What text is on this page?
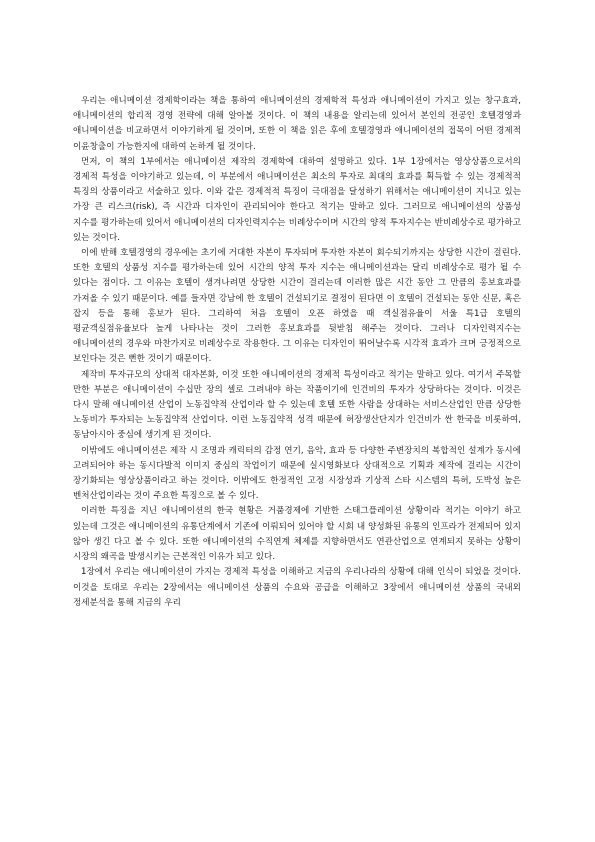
우리는 애니메이션 경제학이라는 책을 통하여 애니메이션의 경제학적 특성과 애니메이션이 가지고 있는 창구효과, 애니메이션의 합리적 경영 전략에 대해 알아볼 것이다. 이 책의 내용을 알리는데 있어서 본인의 전공인 호텔경영과 애니메이션을 비교하면서 이야기하게 될 것이며, 또한 이 책을 읽은 후에 호텔경영과 애니메이션의 접목이 어떤 경제적 이윤창출이 가능한지에 대하여 논하게 될 것이다.

먼저, 이 책의 1부에서는 애니메이션 제작의 경제학에 대하여 설명하고 있다. 1부 1장에서는 영상상품으로서의 경제적 특성을 이야기하고 있는데, 이 부분에서 애니메이션은 최소의 투자로 최대의 효과를 획득할 수 있는 경제적적 특징의 상품이라고 서술하고 있다. 이와 같은 경제적적 특징이 극대점을 달성하기 위해서는 애니메이션이 지니고 있는 가장 큰 리스크(risk), 즉 시간과 디자인이 관리되어야 한다고 적기는 말하고 있다. 그러므로 애니메이션의 상품성 지수를 평가하는데 있어서 애니메이션의 디자인력지수는 비례상수이며 시간의 양적 투자지수는 반비례상수로 평가하고 있는 것이다.

이에 반해 호텔경영의 경우에는 초기에 거대한 자본이 투자되며 투자한 자본이 회수되기까지는 상당한 시간이 걸린다. 또한 호텔의 상품성 지수를 평가하는데 있어 시간의 양적 투자 지수는 애니메이션과는 달리 비례상수로 평가 될 수 있다는 점이다. 그 이유는 호텔이 생겨나려면 상당한 시간이 걸리는데 이러한 많은 시간 동안 그 만큼의 홍보효과를 가져올 수 있기 때문이다. 예를 들자면 강남에 한 호텔이 건설되기로 결정이 된다면 이 호텔이 건설되는 동안 신문, 혹은 잡지 등을 통해 홍보가 된다. 그리하여 처음 호텔이 오픈 하였을 때 객실점유율이 서울 특1급 호텔의 평균객실점유율보다 높게 나타나는 것이 그러한 홍보효과를 뒷받침 해주는 것이다. 그러나 디자인력지수는 애니메이션의 경우와 마찬가지로 비례상수로 작용한다. 그 이유는 디자인이 뛰어날수록 시각적 효과가 크며 긍정적으로 보인다는 것은 뻔한 것이기 때문이다.

제작비 투자규모의 상대적 대자본화, 이것 또한 애니메이션의 경제적 특성이라고 적기는 말하고 있다. 여기서 주목할 만한 부분은 애니메이션이 수십만 장의 셀로 그려내야 하는 작품이기에 인건비의 투자가 상당하다는 것이다. 이것은 다시 말해 애니메이션 산업이 노동집약적 산업이라 할 수 있는데 호텔 또한 사람을 상대하는 서비스산업인 만큼 상당한 노동비가 투자되는 노동집약적 산업이다. 이런 노동집약적 성격 때문에 허장생산단지가 인건비가 싼 한국을 비롯하여, 동남아시아 중심에 생기게 된 것이다.

이밖에도 애니메이션은 제작 시 조명과 캐릭터의 감정 연기, 음악, 효과 등 다양한 주변장치의 복합적인 설계가 동시에 고려되어야 하는 동시다발적 이미지 중심의 작업이기 때문에 실시영화보다 상대적으로 기획과 제작에 걸리는 시간이 장기화되는 영상상품이라고 하는 것이다. 이밖에도 한정적인 고정 시장성과 기상적 스타 시스템의 특허, 도박성 높은 벤처산업이라는 것이 주요한 특징으로 볼 수 있다.

이러한 특징을 지닌 애니메이션의 한국 현황은 거품경제에 기반한 스태그플레이션 상황이라 적기는 이야기 하고 있는데 그것은 애니메이션의 유통단계에서 기존에 이뤄되어 있어야 할 시회 내 양성화된 유통의 인프라가 전제되어 있지 않아 생긴 다고 볼 수 있다. 또한 애니메이션의 수직연계 체제를 지향하면서도 연관산업으로 연계되지 못하는 상황이 시장의 왜곡을 발생시키는 근본적인 이유가 되고 있다.

1장에서 우리는 애니메이션이 가지는 경제적 특성을 이해하고 지금의 우리나라의 상황에 대해 인식이 되었을 것이다. 이것을 토대로 우리는 2장에서는 애니메이션 상품의 수요와 공급을 이해하고 3장에서 애니메이션 상품의 국내외 정세분석을 통해 지금의 우리
